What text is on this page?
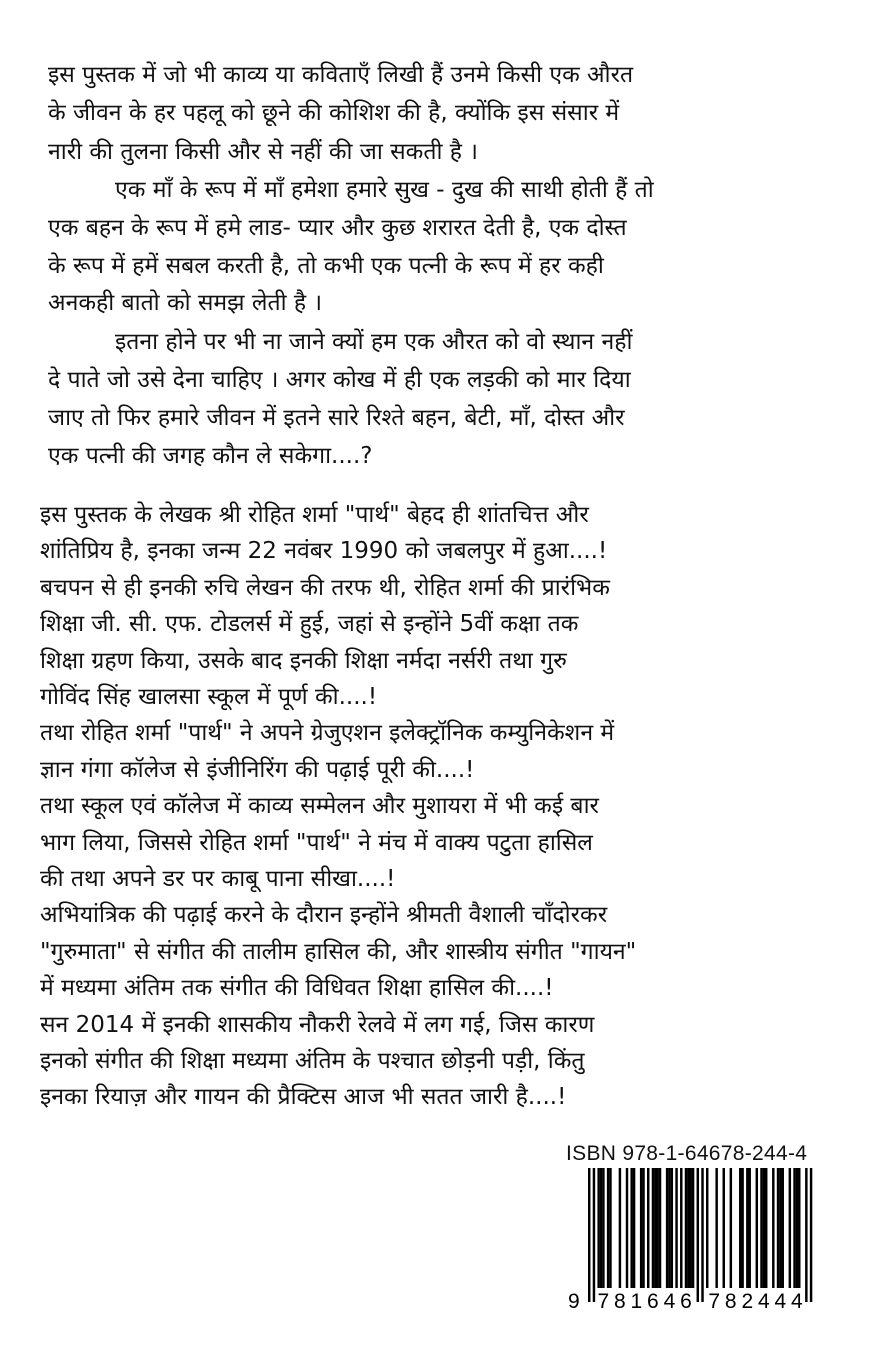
इस पुस्तक में जो भी काव्य या कविताएँ लिखी हैं उनमे किसी एक औरत
के जीवन के हर पहलू को छूने की कोशिश की है, क्योंकि इस संसार में
नारी की तुलना किसी और से नहीं की जा सकती है ।
एक माँ के रूप में माँ हमेशा हमारे सुख - दुख की साथी होती हैं तो
एक बहन के रूप में हमे लाड- प्यार और कुछ शरारत देती है, एक दोस्त
के रूप में हमें सबल करती है, तो कभी एक पत्नी के रूप में हर कही
अनकही बातो को समझ लेती है ।
इतना होने पर भी ना जाने क्यों हम एक औरत को वो स्थान नहीं
दे पाते जो उसे देना चाहिए । अगर कोख में ही एक लड़की को मार दिया
जाए तो फिर हमारे जीवन में इतने सारे रिश्ते बहन, बेटी, माँ, दोस्त और
एक पत्नी की जगह कौन ले सकेगा....?
इस पुस्तक के लेखक श्री रोहित शर्मा "पार्थ" बेहद ही शांतचित्त और
शांतिप्रिय है, इनका जन्म 22 नवंबर 1990 को जबलपुर में हुआ....!
बचपन से ही इनकी रुचि लेखन की तरफ थी, रोहित शर्मा की प्रारंभिक
शिक्षा जी. सी. एफ. टोडलर्स में हुई, जहां से इन्होंने 5वीं कक्षा तक
शिक्षा ग्रहण किया, उसके बाद इनकी शिक्षा नर्मदा नर्सरी तथा गुरु
गोविंद सिंह खालसा स्कूल में पूर्ण की....!
तथा रोहित शर्मा "पार्थ" ने अपने ग्रेजुएशन इलेक्ट्रॉनिक कम्युनिकेशन में
ज्ञान गंगा कॉलेज से इंजीनिरिंग की पढ़ाई पूरी की....!
तथा स्कूल एवं कॉलेज में काव्य सम्मेलन और मुशायरा में भी कई बार
भाग लिया, जिससे रोहित शर्मा "पार्थ" ने मंच में वाक्य पटुता हासिल
की तथा अपने डर पर काबू पाना सीखा....!
अभियांत्रिक की पढ़ाई करने के दौरान इन्होंने श्रीमती वैशाली चाँदोरकर
"गुरुमाता" से संगीत की तालीम हासिल की, और शास्त्रीय संगीत "गायन"
में मध्यमा अंतिम तक संगीत की विधिवत शिक्षा हासिल की....!
सन 2014 में इनकी शासकीय नौकरी रेलवे में लग गई, जिस कारण
इनको संगीत की शिक्षा मध्यमा अंतिम के पश्चात छोड़नी पड़ी, किंतु
इनका रियाज़ और गायन की प्रैक्टिस आज भी सतत जारी है....!
ISBN 978-1-64678-244-4
9 7 8 1 6 4 6 7 8 2 4 4 4
